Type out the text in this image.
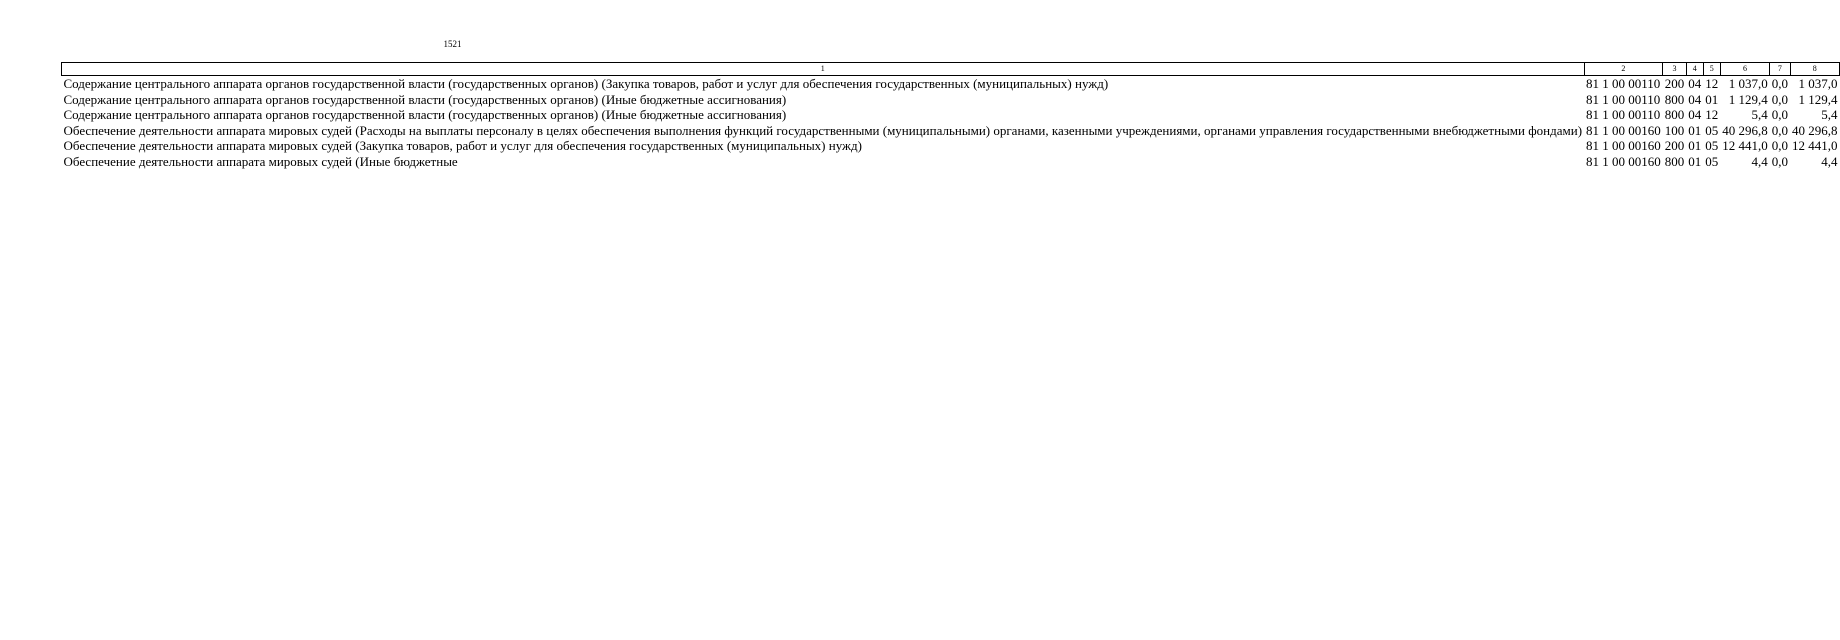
1521
1	2	3	4	5	6	7	8
Содержание центрального аппарата органов государственной власти (государственных органов) (Закупка товаров, работ и услуг для обеспечения государственных (муниципальных) нужд)	81 1 00 00110	200	04	12	1 037,0	0,0	1 037,0
Содержание центрального аппарата органов государственной власти (государственных органов) (Иные бюджетные ассигнования)	81 1 00 00110	800	04	01	1 129,4	0,0	1 129,4
Содержание центрального аппарата органов государственной власти (государственных органов) (Иные бюджетные ассигнования)	81 1 00 00110	800	04	12	5,4	0,0	5,4
Обеспечение деятельности аппарата мировых судей (Расходы на выплаты персоналу в целях обеспечения выполнения функций государственными (муниципальными) органами, казенными учреждениями, органами управления государственными внебюджетными фондами)	81 1 00 00160	100	01	05	40 296,8	0,0	40 296,8
Обеспечение деятельности аппарата мировых судей (Закупка товаров, работ и услуг для обеспечения государственных (муниципальных) нужд)	81 1 00 00160	200	01	05	12 441,0	0,0	12 441,0
Обеспечение деятельности аппарата мировых судей (Иные бюджетные	81 1 00 00160	800	01	05	4,4	0,0	4,4
